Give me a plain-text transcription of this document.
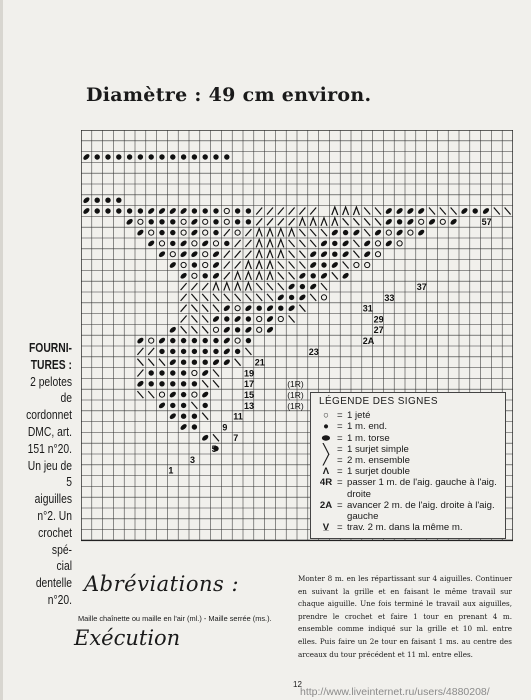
Diamètre : 49 cm environ.
57
37
33
31
29
27
2A
23
21
19
17
15
13
11
9
7
5
3
1
(1R)
(1R)
(1R)
FOURNI-
TURES :
2 pelotes de
cordonnet
DMC, art.
151 n°20.
Un jeu de 5
aiguilles
n°2. Un
crochet spé-
cial dentelle
n°20.
LÉGENDE DES SIGNES
○ = 1 jeté
● = 1 m. end.
⬬ = 1 m. torse
╲ = 1 surjet simple
╱ = 2 m. ensemble
Λ = 1 surjet double
4R = passer 1 m. de l'aig. gauche à l'aig. droite
2A = avancer 2 m. de l'aig. droite à l'aig. gauche
V̲ = trav. 2 m. dans la même m.
Abréviations :
Maille chaînette ou maille en l'air (ml.) - Maille serrée (ms.).
Exécution
Monter 8 m. en les répartissant sur 4 aiguilles. Continuer en suivant la grille et en faisant le même travail sur chaque aiguille. Une fois terminé le travail aux aiguilles, prendre le crochet et faire 1 tour en prenant 4 m. ensemble comme indiqué sur la grille et 10 ml. entre elles. Puis faire un 2e tour en faisant 1 ms. au centre des arceaux du tour précédent et 11 ml. entre elles.
12
http://www.liveinternet.ru/users/4880208/
